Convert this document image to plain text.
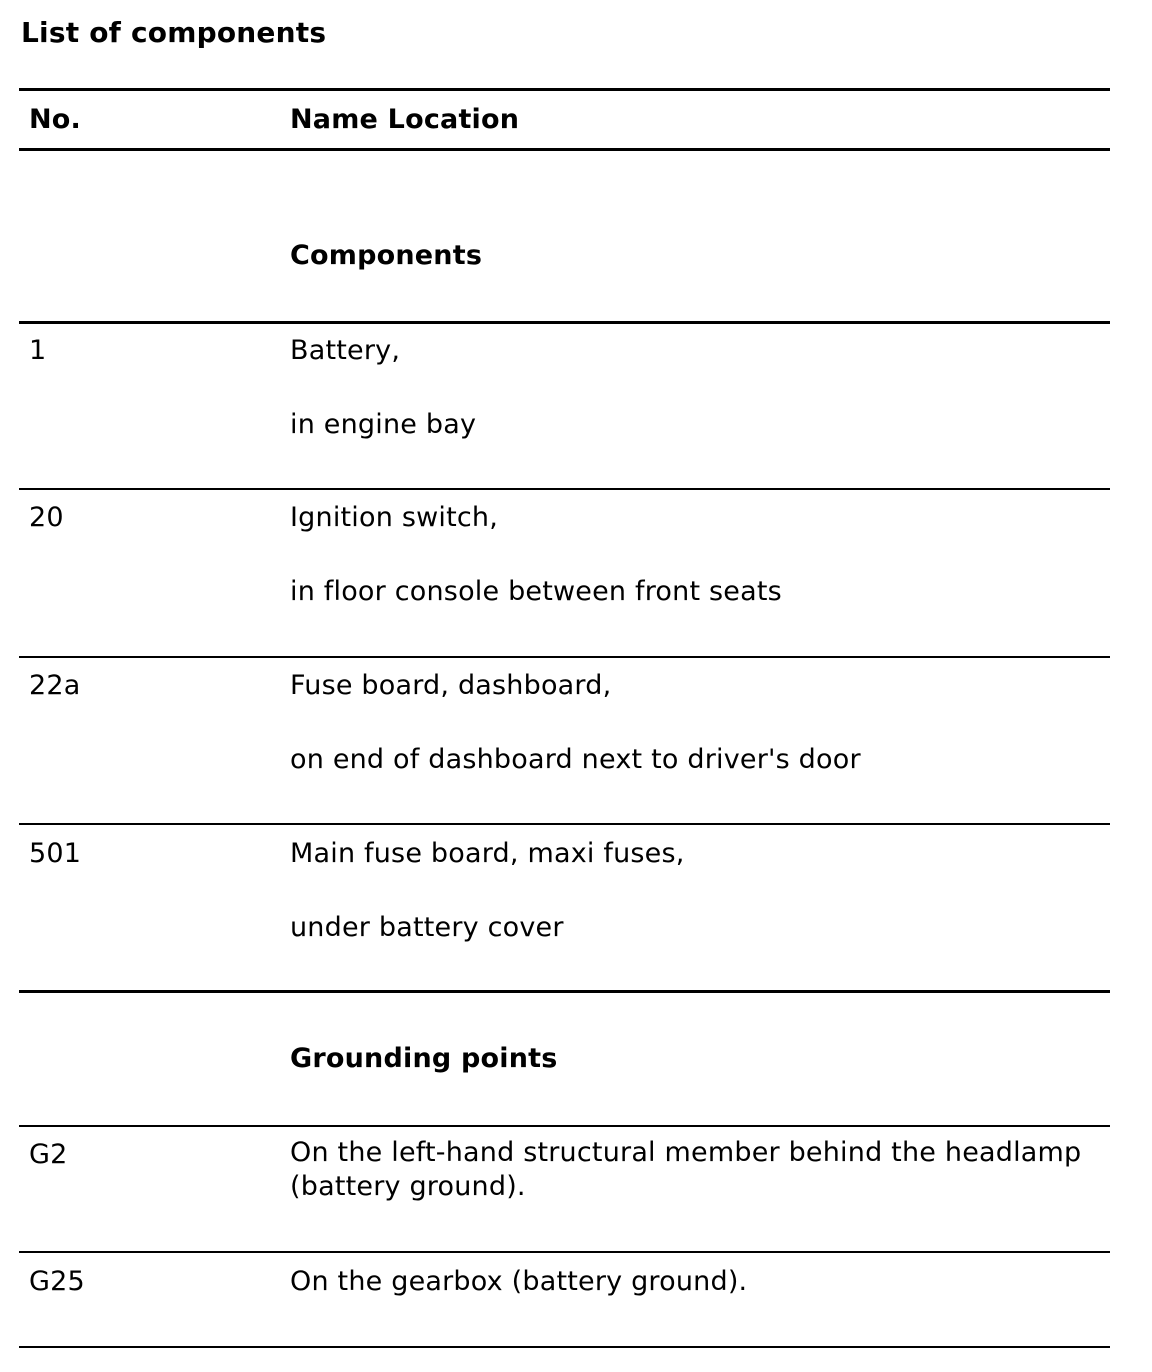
List of components
No.	Name Location
Components
1	Battery,
in engine bay
20	Ignition switch,
in floor console between front seats
22a	Fuse board, dashboard,
on end of dashboard next to driver's door
501	Main fuse board, maxi fuses,
under battery cover
Grounding points
G2	On the left-hand structural member behind the headlamp (battery ground).
G25	On the gearbox (battery ground).
